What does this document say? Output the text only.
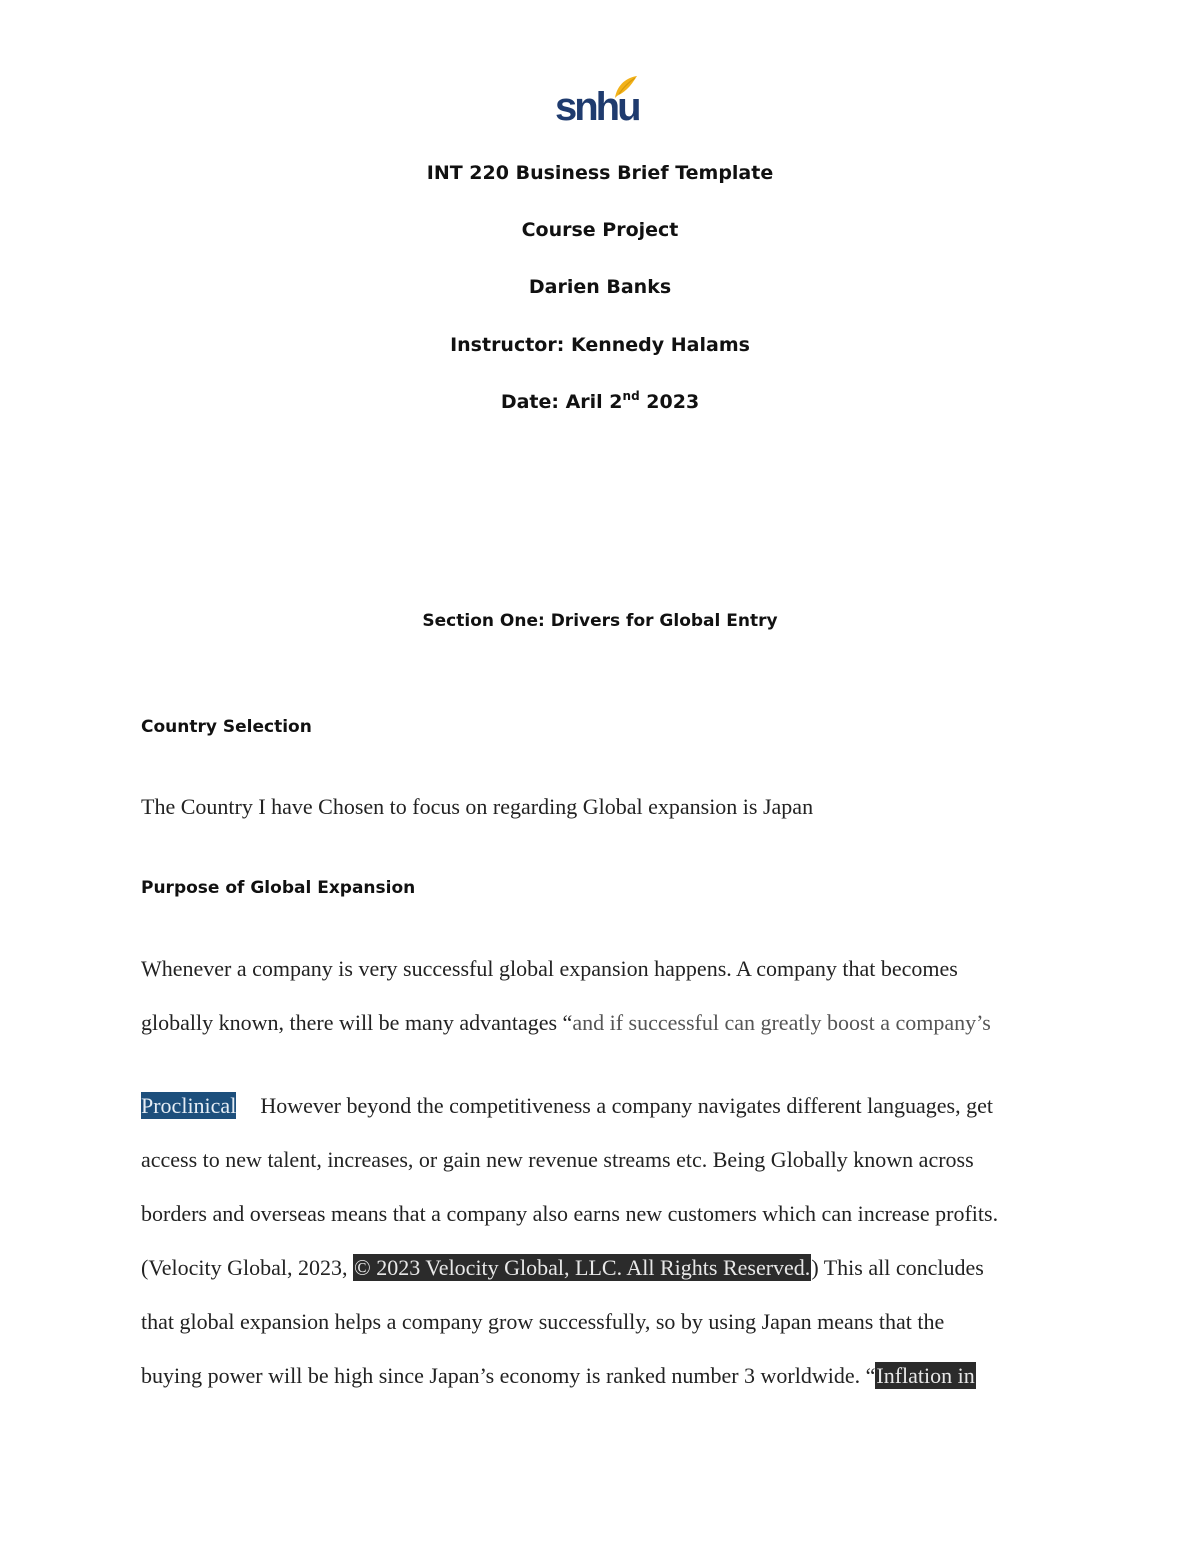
snhu
INT 220 Business Brief Template
Course Project
Darien Banks
Instructor: Kennedy Halams
Date: Aril 2nd 2023
Section One: Drivers for Global Entry
Country Selection
The Country I have Chosen to focus on regarding Global expansion is Japan
Purpose of Global Expansion
Whenever a company is very successful global expansion happens. A company that becomes
globally known, there will be many advantages “and if successful can greatly boost a company’s
Proclinical However beyond the competitiveness a company navigates different languages, get
access to new talent, increases, or gain new revenue streams etc. Being Globally known across
borders and overseas means that a company also earns new customers which can increase profits.
(Velocity Global, 2023, © 2023 Velocity Global, LLC. All Rights Reserved.) This all concludes
that global expansion helps a company grow successfully, so by using Japan means that the
buying power will be high since Japan’s economy is ranked number 3 worldwide. “Inflation in
